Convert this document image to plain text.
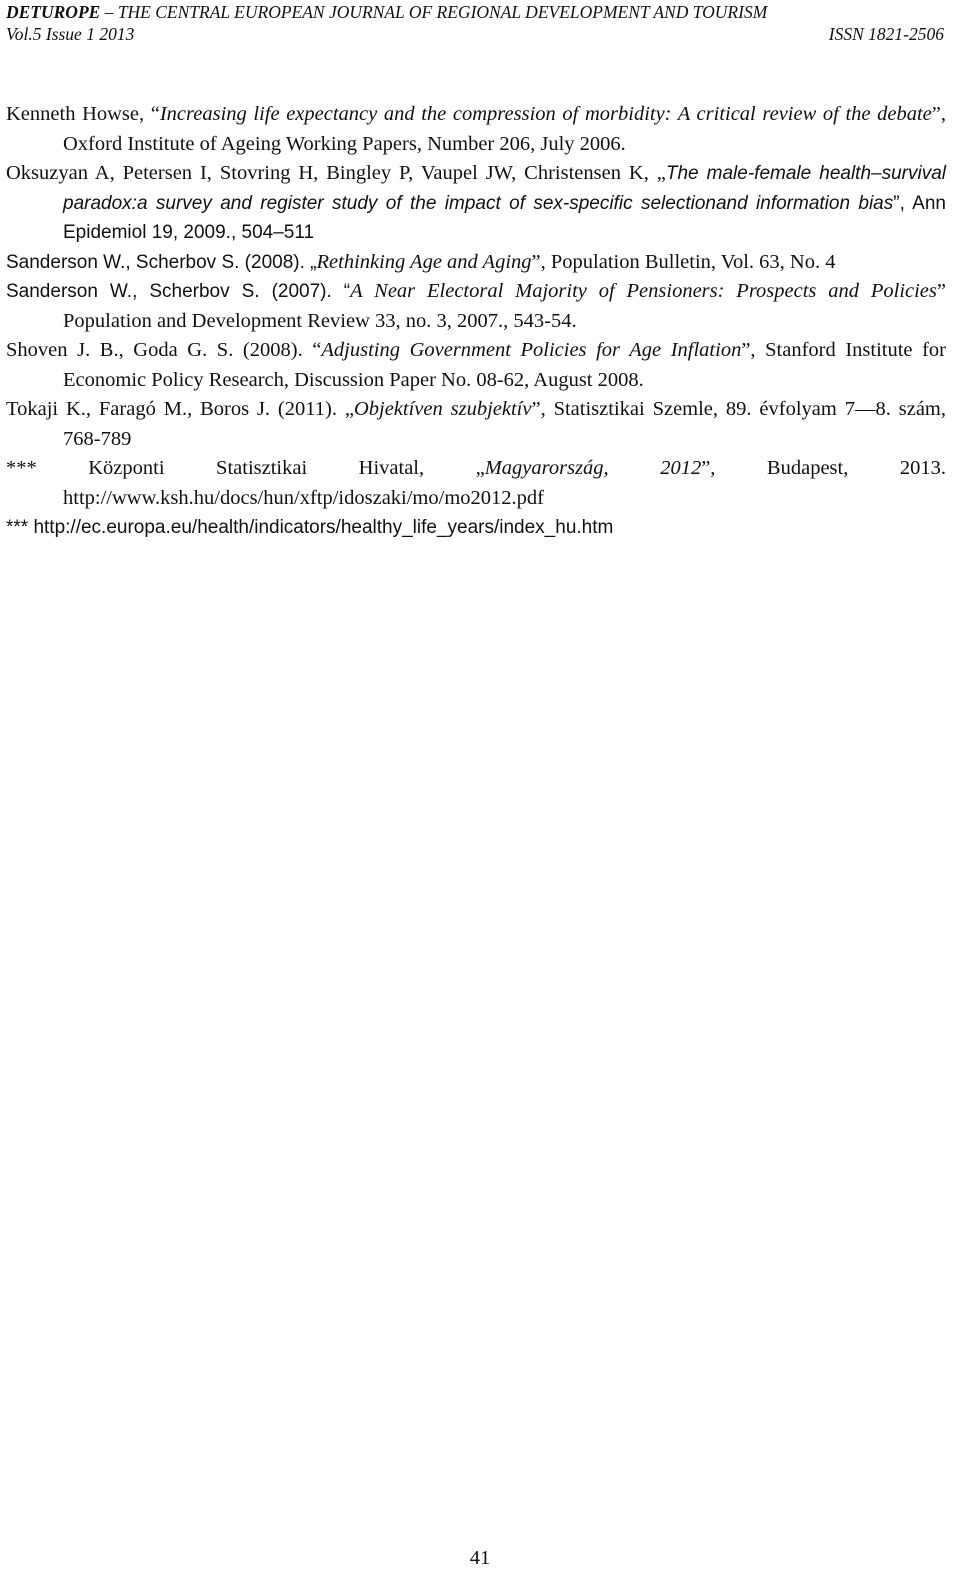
DETUROPE – THE CENTRAL EUROPEAN JOURNAL OF REGIONAL DEVELOPMENT AND TOURISM
Vol.5 Issue 1 2013	ISSN 1821-2506
Kenneth Howse, “Increasing life expectancy and the compression of morbidity: A critical review of the debate”, Oxford Institute of Ageing Working Papers, Number 206, July 2006.
Oksuzyan A, Petersen I, Stovring H, Bingley P, Vaupel JW, Christensen K, „The male-female health–survival paradox:a survey and register study of the impact of sex-specific selectionand information bias”, Ann Epidemiol 19, 2009., 504–511
Sanderson W., Scherbov S. (2008). „Rethinking Age and Aging”, Population Bulletin, Vol. 63, No. 4
Sanderson W., Scherbov S. (2007). “A Near Electoral Majority of Pensioners: Prospects and Policies” Population and Development Review 33, no. 3, 2007., 543-54.
Shoven J. B., Goda G. S. (2008). “Adjusting Government Policies for Age Inflation”, Stanford Institute for Economic Policy Research, Discussion Paper No. 08-62, August 2008.
Tokaji K., Faragó M., Boros J. (2011). „Objektíven szubjektív”, Statisztikai Szemle, 89. évfolyam 7—8. szám, 768-789
*** Központi Statisztikai Hivatal, „Magyarország, 2012”, Budapest, 2013. http://www.ksh.hu/docs/hun/xftp/idoszaki/mo/mo2012.pdf
*** http://ec.europa.eu/health/indicators/healthy_life_years/index_hu.htm
41
